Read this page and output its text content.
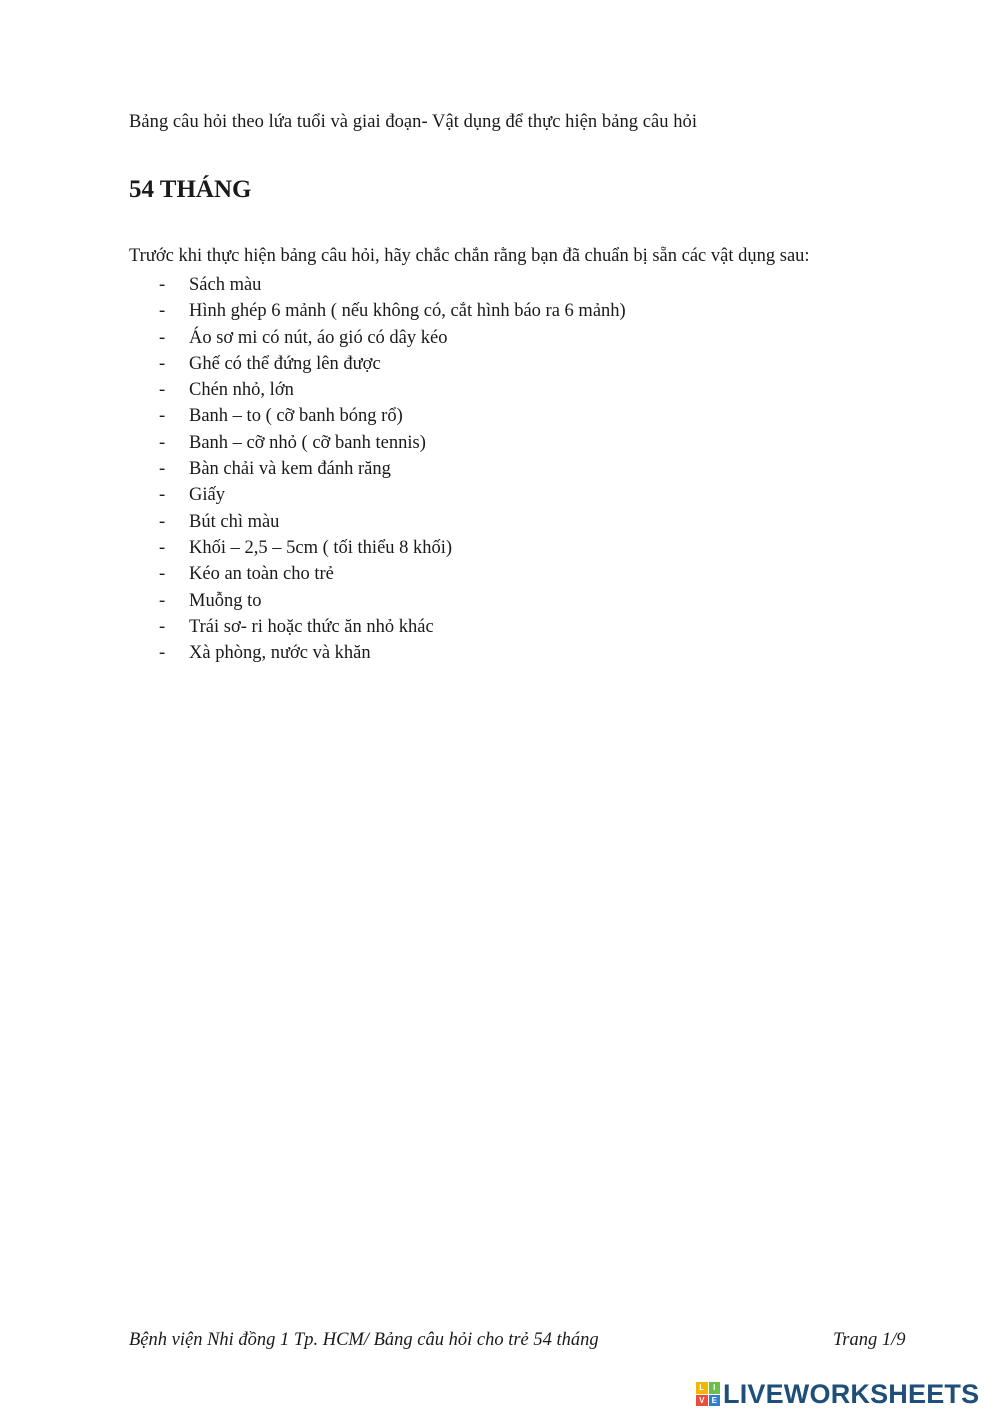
Bảng câu hỏi theo lứa tuổi và giai đoạn- Vật dụng để thực hiện bảng câu hỏi
54 THÁNG
Trước khi thực hiện bảng câu hỏi, hãy chắc chắn rằng bạn đã chuẩn bị sẵn các vật dụng sau:
- Sách màu
- Hình ghép 6 mảnh ( nếu không có, cắt hình báo ra 6 mảnh)
- Áo sơ mi có nút, áo gió có dây kéo
- Ghế có thể đứng lên được
- Chén nhỏ, lớn
- Banh – to ( cỡ banh bóng rổ)
- Banh – cỡ nhỏ ( cỡ banh tennis)
- Bàn chải và kem đánh răng
- Giấy
- Bút chì màu
- Khối – 2,5 – 5cm ( tối thiểu 8 khối)
- Kéo an toàn cho trẻ
- Muỗng to
- Trái sơ- ri hoặc thức ăn nhỏ khác
- Xà phòng, nước và khăn
Bệnh viện Nhi đồng 1 Tp. HCM/ Bảng câu hỏi cho trẻ 54 tháng	Trang 1/9
L	I
V E LIVEWORKSHEETS
